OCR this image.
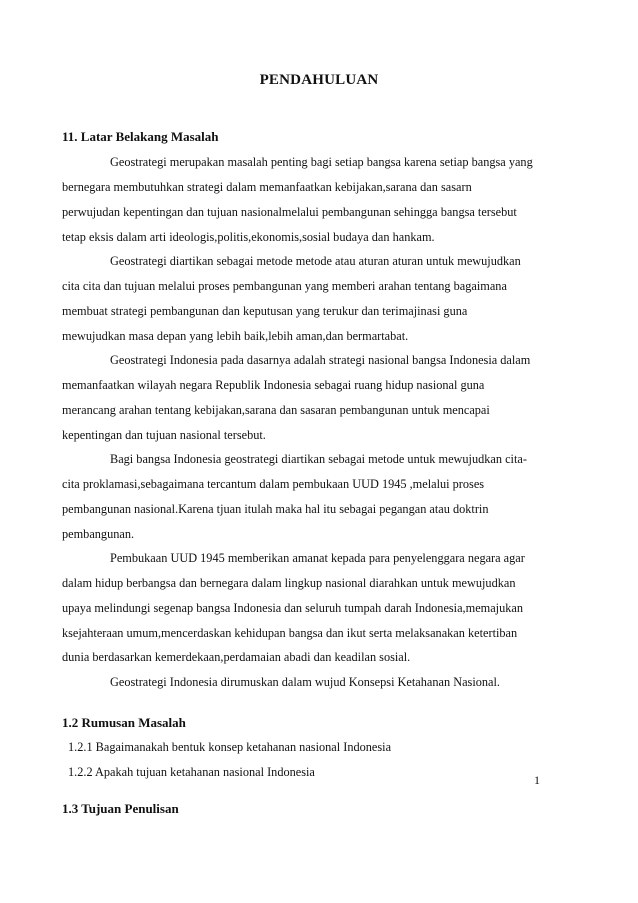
PENDAHULUAN
11. Latar Belakang Masalah
Geostrategi merupakan masalah penting bagi setiap bangsa karena setiap bangsa yang
bernegara membutuhkan strategi dalam memanfaatkan kebijakan,sarana dan sasarn
perwujudan kepentingan dan tujuan nasionalmelalui pembangunan sehingga bangsa tersebut
tetap eksis dalam arti ideologis,politis,ekonomis,sosial budaya dan hankam.
Geostrategi diartikan sebagai metode metode atau aturan aturan untuk mewujudkan
cita cita dan tujuan melalui proses pembangunan yang memberi arahan tentang bagaimana
membuat strategi pembangunan dan keputusan yang terukur dan terimajinasi guna
mewujudkan masa depan yang lebih baik,lebih aman,dan bermartabat.
Geostrategi Indonesia pada dasarnya adalah strategi nasional bangsa Indonesia dalam
memanfaatkan wilayah negara Republik Indonesia sebagai ruang hidup nasional guna
merancang arahan tentang kebijakan,sarana dan sasaran pembangunan untuk mencapai
kepentingan dan tujuan nasional tersebut.
Bagi bangsa Indonesia geostrategi diartikan sebagai metode untuk mewujudkan cita-
cita proklamasi,sebagaimana tercantum dalam pembukaan UUD 1945 ,melalui proses
pembangunan nasional.Karena tjuan itulah maka hal itu sebagai pegangan atau doktrin
pembangunan.
Pembukaan UUD 1945 memberikan amanat kepada para penyelenggara negara agar
dalam hidup berbangsa dan bernegara dalam lingkup nasional diarahkan untuk mewujudkan
upaya melindungi segenap bangsa Indonesia dan seluruh tumpah darah Indonesia,memajukan
ksejahteraan umum,mencerdaskan kehidupan bangsa dan ikut serta melaksanakan ketertiban
dunia berdasarkan kemerdekaan,perdamaian abadi dan keadilan sosial.
Geostrategi Indonesia dirumuskan dalam wujud Konsepsi Ketahanan Nasional.
1.2 Rumusan Masalah
1.2.1 Bagaimanakah bentuk konsep ketahanan nasional Indonesia
1.2.2 Apakah tujuan ketahanan nasional Indonesia
1
1.3 Tujuan Penulisan
